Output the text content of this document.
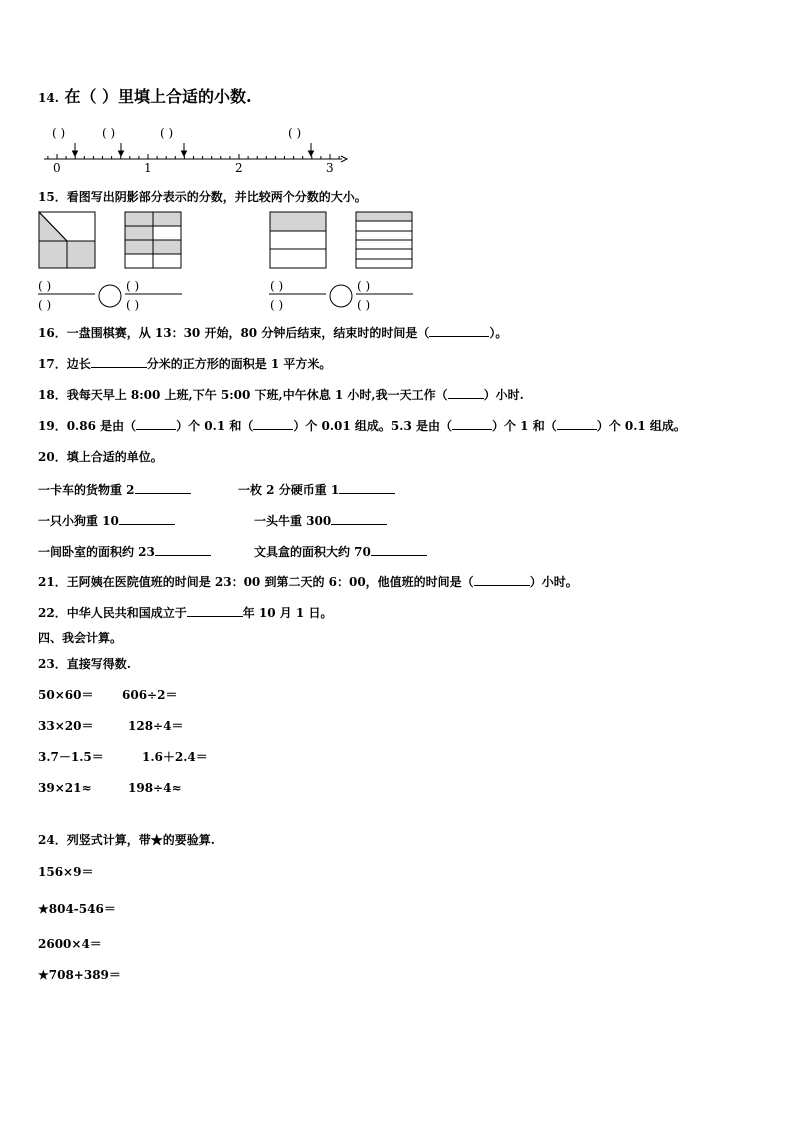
14. 在（ ）里填上合适的小数.
( )	( )	( )	( )
0	1	2	3
15．看图写出阴影部分表示的分数，并比较两个分数的大小。
( )
( )
( )
( )
( )
( )
( )
( )
16．一盘围棋赛，从 13：30 开始，80 分钟后结束，结束时的时间是（	）。
17．边长	分米的正方形的面积是 1 平方米。
18．我每天早上 8:00 上班,下午 5:00 下班,中午休息 1 小时,我一天工作（	）小时.
19．0.86 是由（	）个 0.1 和（	）个 0.01 组成。5.3 是由（	）个 1 和（	）个 0.1 组成。
20．填上合适的单位。
一卡车的货物重 2	一枚 2 分硬币重 1
一只小狗重 10	一头牛重 300
一间卧室的面积约 23	文具盒的面积大约 70
21．王阿姨在医院值班的时间是 23：00 到第二天的 6：00，他值班的时间是（	）小时。
22．中华人民共和国成立于	年 10 月 1 日。
四、我会计算。
23．直接写得数.
50×60＝ 606÷2＝
33×20＝	128÷4＝
3.7－1.5＝	1.6＋2.4＝
39×21≈	198÷4≈
24．列竖式计算，带★的要验算.
156×9＝
★804-546＝
2600×4＝
★708+389＝
